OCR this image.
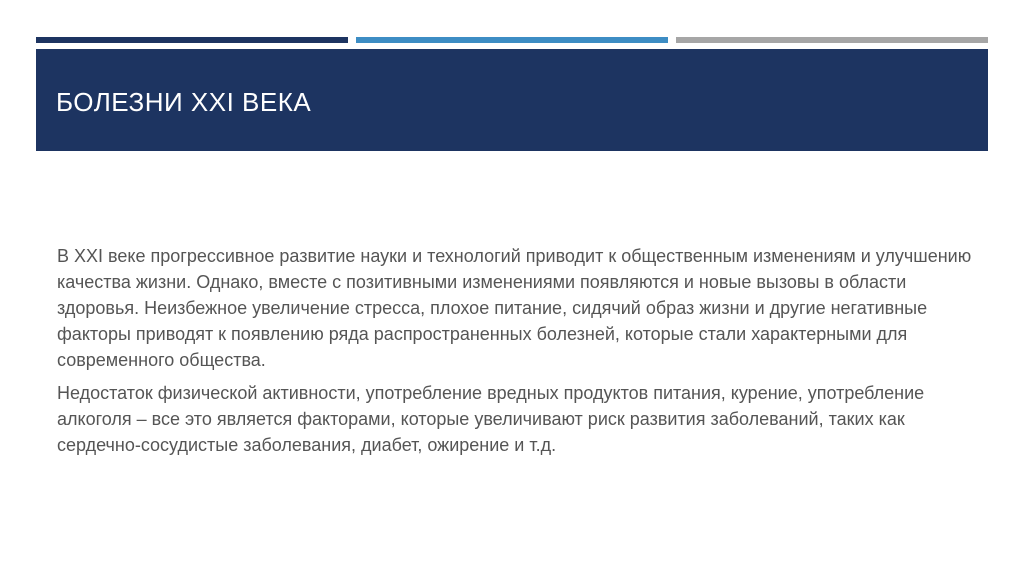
БОЛЕЗНИ XXI ВЕКА

В XXI веке прогрессивное развитие науки и технологий приводит к общественным изменениям и улучшению качества жизни. Однако, вместе с позитивными изменениями появляются и новые вызовы в области здоровья. Неизбежное увеличение стресса, плохое питание, сидячий образ жизни и другие негативные факторы приводят к появлению ряда распространенных болезней, которые стали характерными для современного общества.

Недостаток физической активности, употребление вредных продуктов питания, курение, употребление алкоголя – все это является факторами, которые увеличивают риск развития заболеваний, таких как сердечно-сосудистые заболевания, диабет, ожирение и т.д.
